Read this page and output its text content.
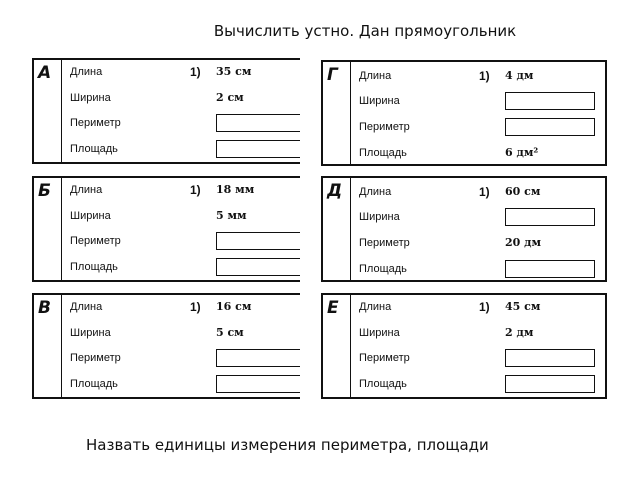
Вычислить устно. Дан прямоугольник
А Длина	1) 35 см
Ширина	2 см
Периметр
Площадь
Б Длина	1) 18 мм
Ширина	5 мм
Периметр
Площадь
В Длина	1) 16 см
Ширина	5 см
Периметр
Площадь
Г Длина	1) 4 дм
Ширина
Периметр
Площадь	6 дм²
Д Длина	1) 60 см
Ширина
Периметр	20 дм
Площадь
Е Длина	1) 45 см
Ширина	2 дм
Периметр
Площадь
Назвать единицы измерения периметра, площади
